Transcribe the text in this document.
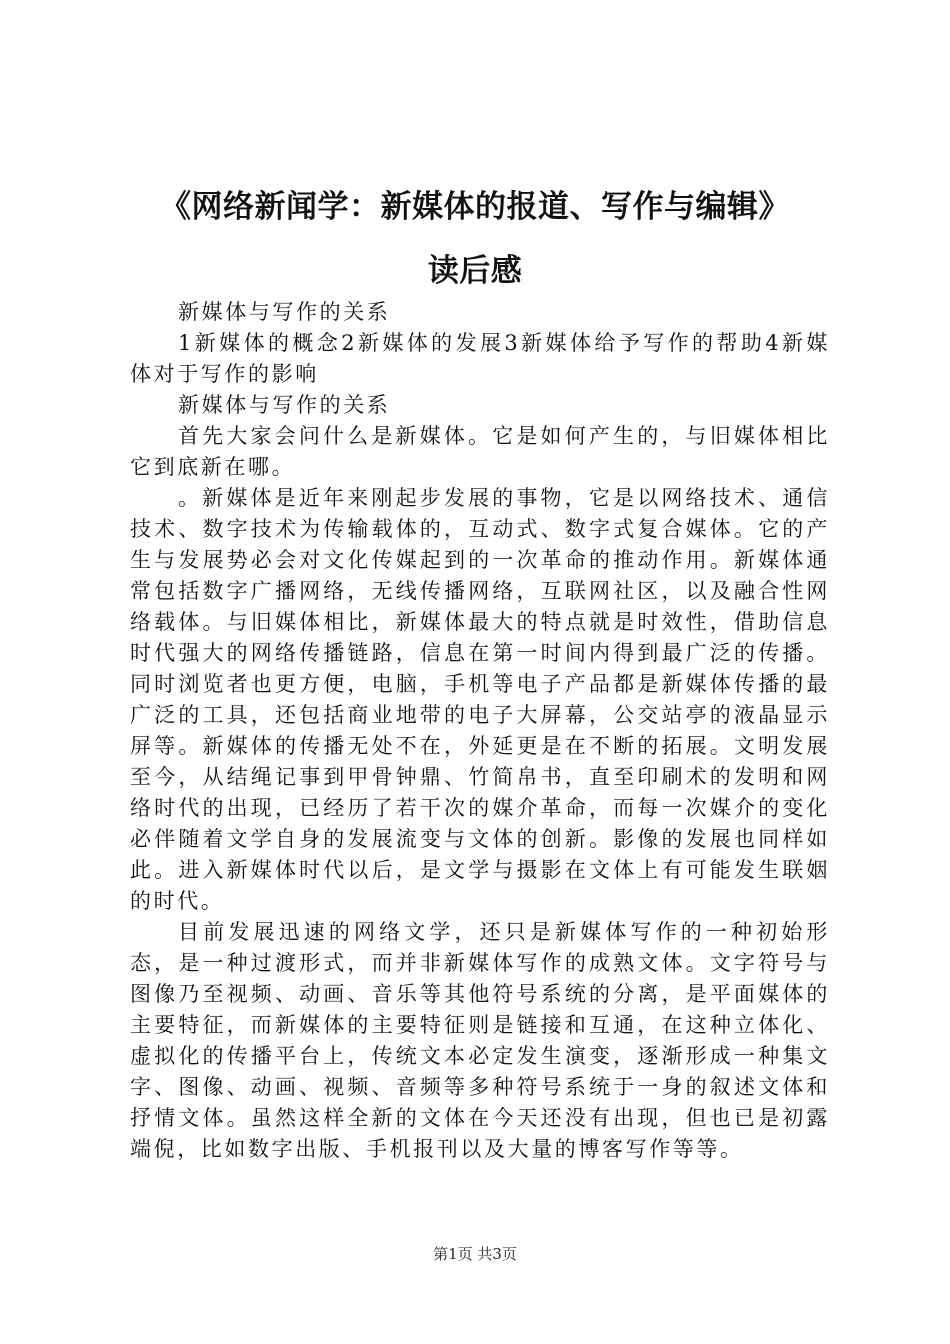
《网络新闻学：新媒体的报道、写作与编辑》
读后感

新媒体与写作的关系

1新媒体的概念2新媒体的发展3新媒体给予写作的帮助4新媒体对于写作的影响

新媒体与写作的关系

首先大家会问什么是新媒体。它是如何产生的，与旧媒体相比它到底新在哪。

。新媒体是近年来刚起步发展的事物，它是以网络技术、通信技术、数字技术为传输载体的，互动式、数字式复合媒体。它的产生与发展势必会对文化传媒起到的一次革命的推动作用。新媒体通常包括数字广播网络，无线传播网络，互联网社区，以及融合性网络载体。与旧媒体相比，新媒体最大的特点就是时效性，借助信息时代强大的网络传播链路，信息在第一时间内得到最广泛的传播。同时浏览者也更方便，电脑，手机等电子产品都是新媒体传播的最广泛的工具，还包括商业地带的电子大屏幕，公交站亭的液晶显示屏等。新媒体的传播无处不在，外延更是在不断的拓展。文明发展至今，从结绳记事到甲骨钟鼎、竹简帛书，直至印刷术的发明和网络时代的出现，已经历了若干次的媒介革命，而每一次媒介的变化必伴随着文学自身的发展流变与文体的创新。影像的发展也同样如此。进入新媒体时代以后，是文学与摄影在文体上有可能发生联姻的时代。

目前发展迅速的网络文学，还只是新媒体写作的一种初始形态，是一种过渡形式，而并非新媒体写作的成熟文体。文字符号与图像乃至视频、动画、音乐等其他符号系统的分离，是平面媒体的主要特征，而新媒体的主要特征则是链接和互通，在这种立体化、虚拟化的传播平台上，传统文本必定发生演变，逐渐形成一种集文字、图像、动画、视频、音频等多种符号系统于一身的叙述文体和抒情文体。虽然这样全新的文体在今天还没有出现，但也已是初露端倪，比如数字出版、手机报刊以及大量的博客写作等等。

第1页 共3页
